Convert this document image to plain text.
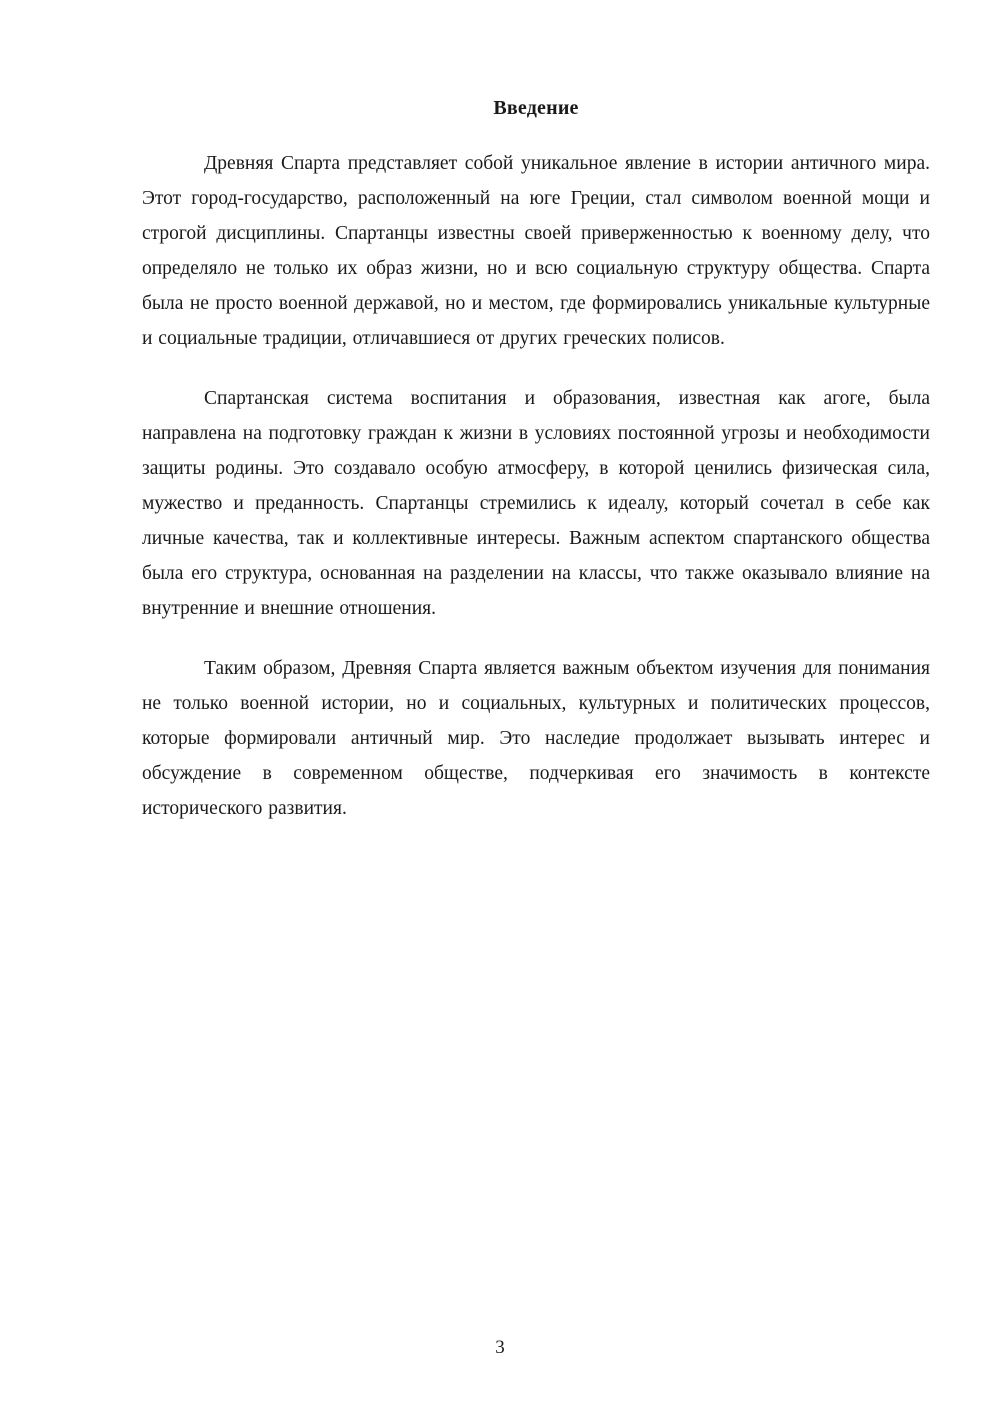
Введение

Древняя Спарта представляет собой уникальное явление в истории античного мира. Этот город-государство, расположенный на юге Греции, стал символом военной мощи и строгой дисциплины. Спартанцы известны своей приверженностью к военному делу, что определяло не только их образ жизни, но и всю социальную структуру общества. Спарта была не просто военной державой, но и местом, где формировались уникальные культурные и социальные традиции, отличавшиеся от других греческих полисов.

Спартанская система воспитания и образования, известная как агоге, была направлена на подготовку граждан к жизни в условиях постоянной угрозы и необходимости защиты родины. Это создавало особую атмосферу, в которой ценились физическая сила, мужество и преданность. Спартанцы стремились к идеалу, который сочетал в себе как личные качества, так и коллективные интересы. Важным аспектом спартанского общества была его структура, основанная на разделении на классы, что также оказывало влияние на внутренние и внешние отношения.

Таким образом, Древняя Спарта является важным объектом изучения для понимания не только военной истории, но и социальных, культурных и политических процессов, которые формировали античный мир. Это наследие продолжает вызывать интерес и обсуждение в современном обществе, подчеркивая его значимость в контексте исторического развития.

3
